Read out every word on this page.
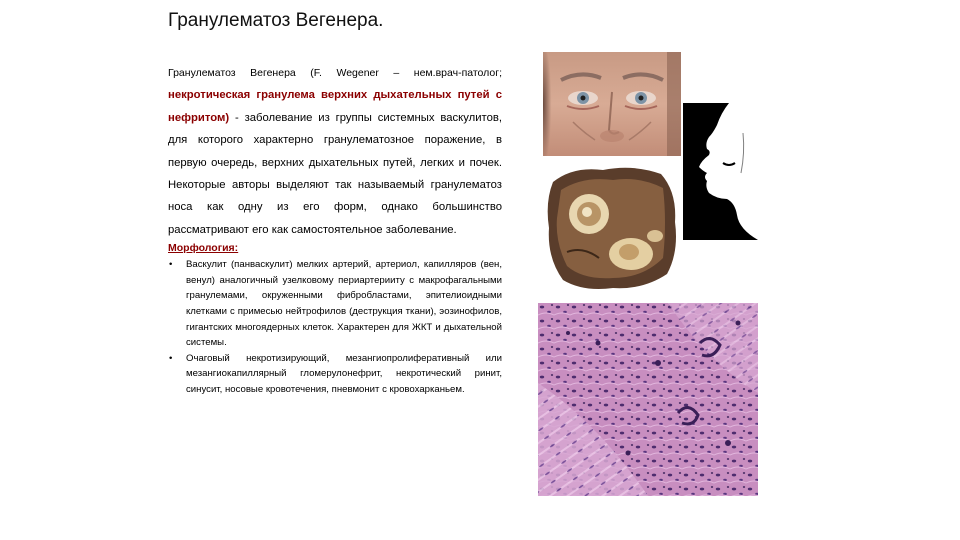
Гранулематоз Вегенера.
Гранулематоз Вегенера (F. Wegener – нем.врач-патолог; некротическая гранулема верхних дыхательных путей с нефритом) - заболевание из группы системных васкулитов, для которого характерно гранулематозное поражение, в первую очередь, верхних дыхательных путей, легких и почек. Некоторые авторы выделяют так называемый гранулематоз носа как одну из его форм, однако большинство рассматривают его как самостоятельное заболевание.
Морфология:
• Васкулит (панваскулит) мелких артерий, артериол, капилляров (вен, венул) аналогичный узелковому периартерииту с макрофагальными гранулемами, окруженными фибробластами, эпителиоидными клетками с примесью нейтрофилов (деструкция ткани), эозинофилов, гигантских многоядерных клеток. Характерен для ЖКТ и дыхательной системы.
• Очаговый некротизирующий, мезангиопролиферативный или мезангиокапиллярный гломерулонефрит, некротический ринит, синусит, носовые кровотечения, пневмонит с кровохарканьем.
